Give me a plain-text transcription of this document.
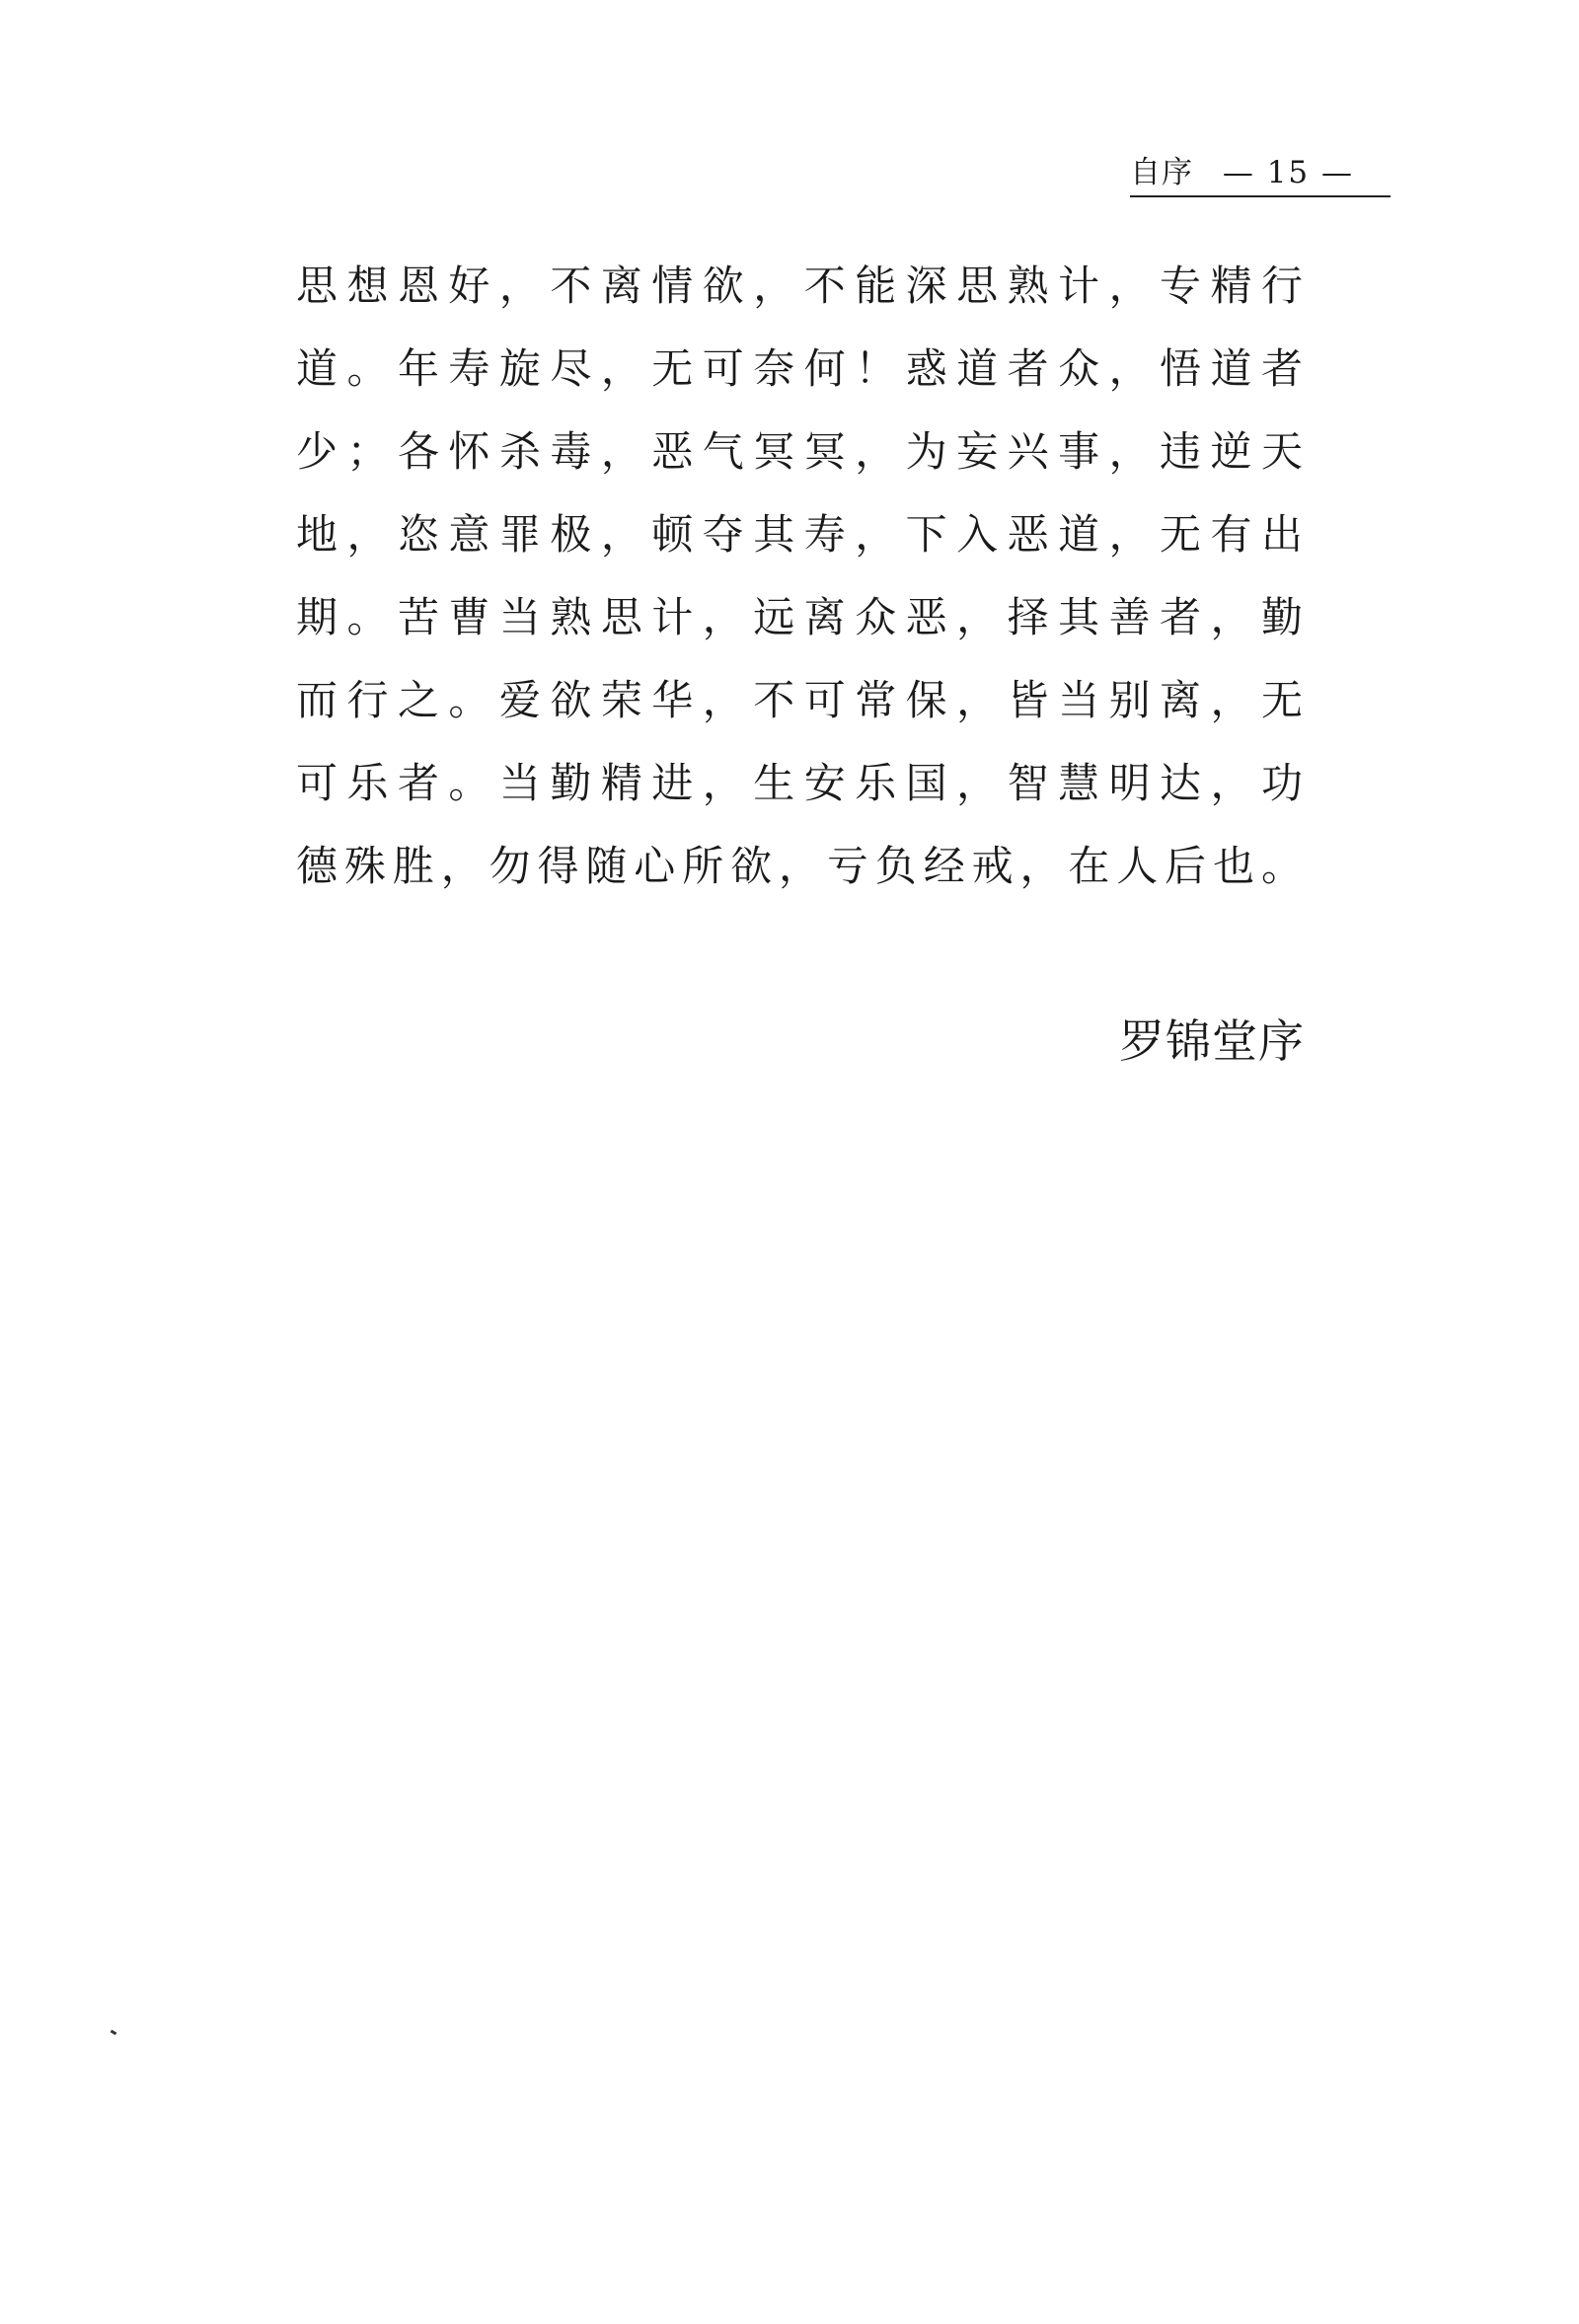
自序 — 15 —
思想恩好，不离情欲，不能深思熟计，专精行
道。年寿旋尽，无可奈何！惑道者众，悟道者
少；各怀杀毒，恶气冥冥，为妄兴事，违逆天
地，恣意罪极，顿夺其寿，下入恶道，无有出
期。苦曹当熟思计，远离众恶，择其善者，勤
而行之。爱欲荣华，不可常保，皆当别离，无
可乐者。当勤精进，生安乐国，智慧明达，功
德殊胜，勿得随心所欲，亏负经戒，在人后也。
罗锦堂序
